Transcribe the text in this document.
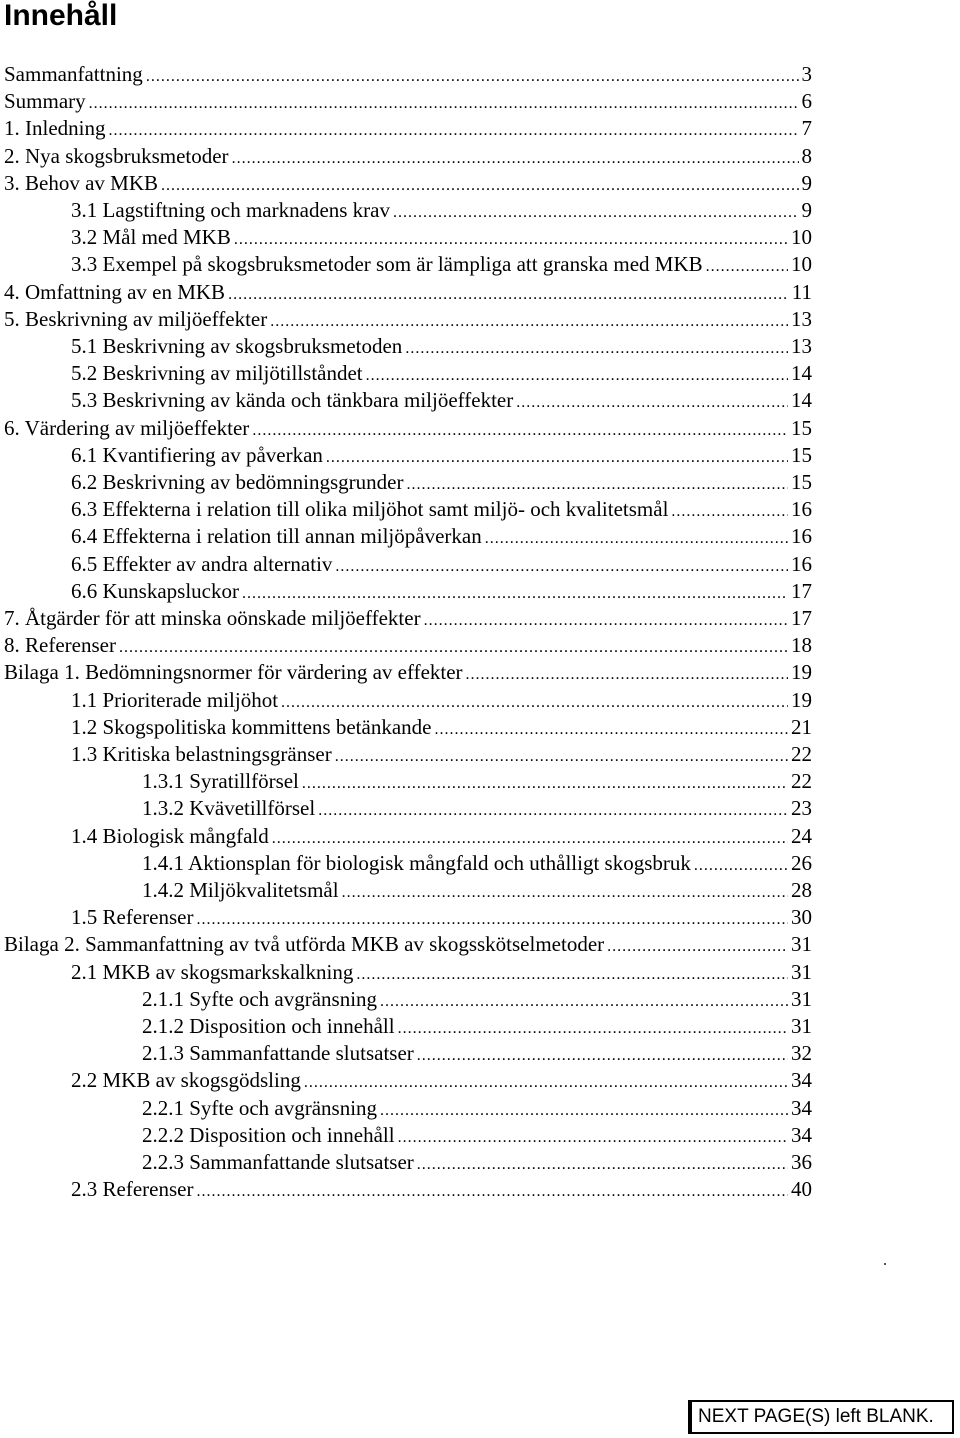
Innehåll
Sammanfattning .....	3
Summary .....	6
1. Inledning .....	7
2. Nya skogsbruksmetoder .....	8
3. Behov av MKB .....	9
3.1 Lagstiftning och marknadens krav .....	9
3.2 Mål med MKB .....	10
3.3 Exempel på skogsbruksmetoder som är lämpliga att granska med MKB .....	10
4. Omfattning av en MKB .....	11
5. Beskrivning av miljöeffekter .....	13
5.1 Beskrivning av skogsbruksmetoden .....	13
5.2 Beskrivning av miljötillståndet .....	14
5.3 Beskrivning av kända och tänkbara miljöeffekter .....	14
6. Värdering av miljöeffekter .....	15
6.1 Kvantifiering av påverkan .....	15
6.2 Beskrivning av bedömningsgrunder .....	15
6.3 Effekterna i relation till olika miljöhot samt miljö- och kvalitetsmål .....	16
6.4 Effekterna i relation till annan miljöpåverkan .....	16
6.5 Effekter av andra alternativ .....	16
6.6 Kunskapsluckor .....	17
7. Åtgärder för att minska oönskade miljöeffekter .....	17
8. Referenser .....	18
Bilaga 1. Bedömningsnormer för värdering av effekter .....	19
1.1 Prioriterade miljöhot .....	19
1.2 Skogspolitiska kommittens betänkande .....	21
1.3 Kritiska belastningsgränser .....	22
1.3.1 Syratillförsel .....	22
1.3.2 Kvävetillförsel .....	23
1.4 Biologisk mångfald .....	24
1.4.1 Aktionsplan för biologisk mångfald och uthålligt skogsbruk .....	26
1.4.2 Miljökvalitetsmål .....	28
1.5 Referenser .....	30
Bilaga 2. Sammanfattning av två utförda MKB av skogsskötselmetoder .....	31
2.1 MKB av skogsmarkskalkning .....	31
2.1.1 Syfte och avgränsning .....	31
2.1.2 Disposition och innehåll .....	31
2.1.3 Sammanfattande slutsatser .....	32
2.2 MKB av skogsgödsling .....	34
2.2.1 Syfte och avgränsning .....	34
2.2.2 Disposition och innehåll .....	34
2.2.3 Sammanfattande slutsatser .....	36
2.3 Referenser .....	40
NEXT PAGE(S) left BLANK.
